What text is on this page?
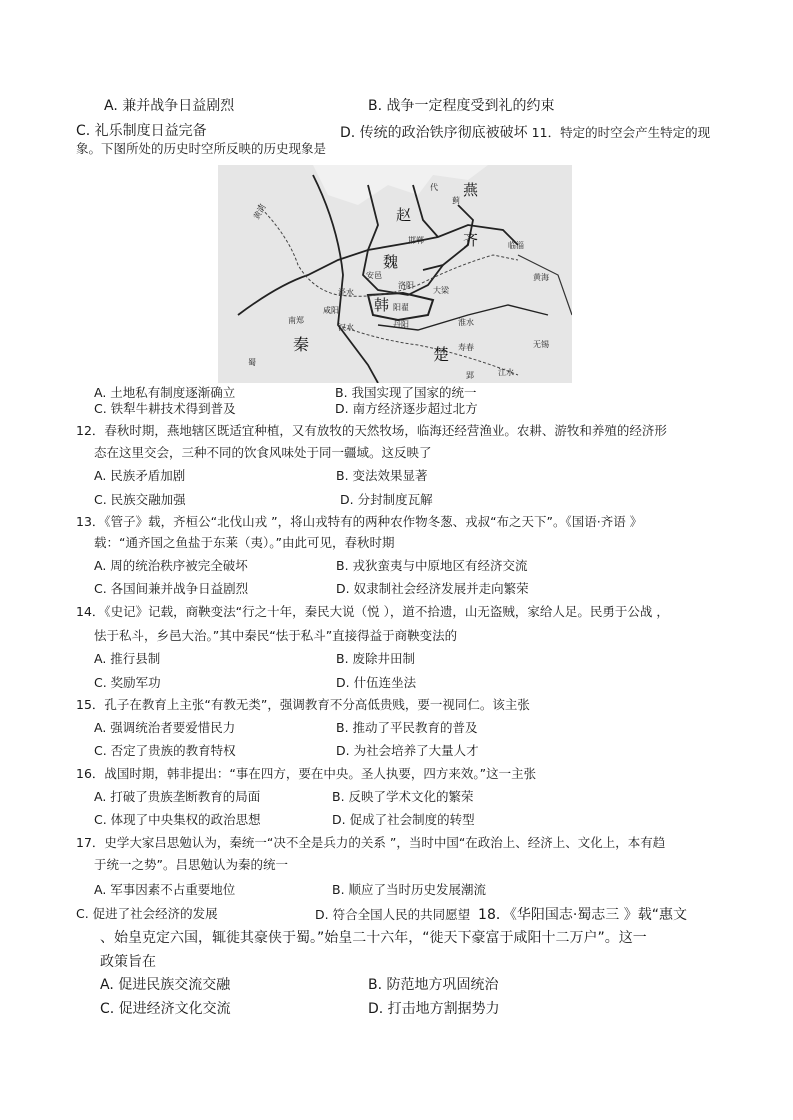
A. 兼并战争日益剧烈	B. 战争一定程度受到礼的约束
C. 礼乐制度日益完备	D. 传统的政治铁序彻底被破坏 11．特定的时空会产生特定的现
象。下图所处的历史时空所反映的历史现象是
赵
燕
齐
魏
韩
秦
楚
代
蓟
邯郸
临淄
安邑
洛阳
大梁
咸阳	阳翟
南郑	丹阳
寿春	无锡
郢
蜀
黄河
泾水
汉水
淮水
江水
黄海
A. 土地私有制度逐渐确立	B. 我国实现了国家的统一
C. 铁犁牛耕技术得到普及	D. 南方经济逐步超过北方
12．春秋时期，燕地辖区既适宜种植，又有放牧的天然牧场，临海还经营渔业。农耕、游牧和养殖的经济形
态在这里交会，三种不同的饮食风味处于同一疆域。这反映了
A. 民族矛盾加剧	B. 变法效果显著
C. 民族交融加强	D. 分封制度瓦解
13．《管子》载，齐桓公“北伐山戎 ”，将山戎特有的两种农作物冬葱、戎叔“布之天下”。《国语·齐语 》
载：“通齐国之鱼盐于东莱（夷）。”由此可见，春秋时期
A. 周的统治秩序被完全破坏	B. 戎狄蛮夷与中原地区有经济交流
C. 各国间兼并战争日益剧烈	D. 奴隶制社会经济发展并走向繁荣
14．《史记》记载，商鞅变法“行之十年，秦民大说（悦 ），道不拾遗，山无盗贼，家给人足。民勇于公战 ，
怯于私斗，乡邑大治。”其中秦民“怯于私斗”直接得益于商鞅变法的
A. 推行县制	B. 废除井田制
C. 奖励军功	D. 什伍连坐法
15．孔子在教育上主张“有教无类”，强调教育不分高低贵贱，要一视同仁。该主张
A. 强调统治者要爱惜民力	B. 推动了平民教育的普及
C. 否定了贵族的教育特权	D. 为社会培养了大量人才
16．战国时期，韩非提出：“事在四方，要在中央。圣人执要，四方来效。”这一主张
A. 打破了贵族垄断教育的局面	B. 反映了学术文化的繁荣
C. 体现了中央集权的政治思想	D. 促成了社会制度的转型
17．史学大家吕思勉认为，秦统一“决不全是兵力的关系 ”，当时中国“在政治上、经济上、文化上，本有趋
于统一之势”。吕思勉认为秦的统一
A. 军事因素不占重要地位	B. 顺应了当时历史发展潮流
C. 促进了社会经济的发展	D. 符合全国人民的共同愿望 18．《华阳国志·蜀志三 》载“惠文
、始皇克定六国，辄徙其豪侠于蜀。”始皇二十六年，“徙天下豪富于咸阳十二万户”。这一
政策旨在
A. 促进民族交流交融	B. 防范地方巩固统治
C. 促进经济文化交流	D. 打击地方割据势力
